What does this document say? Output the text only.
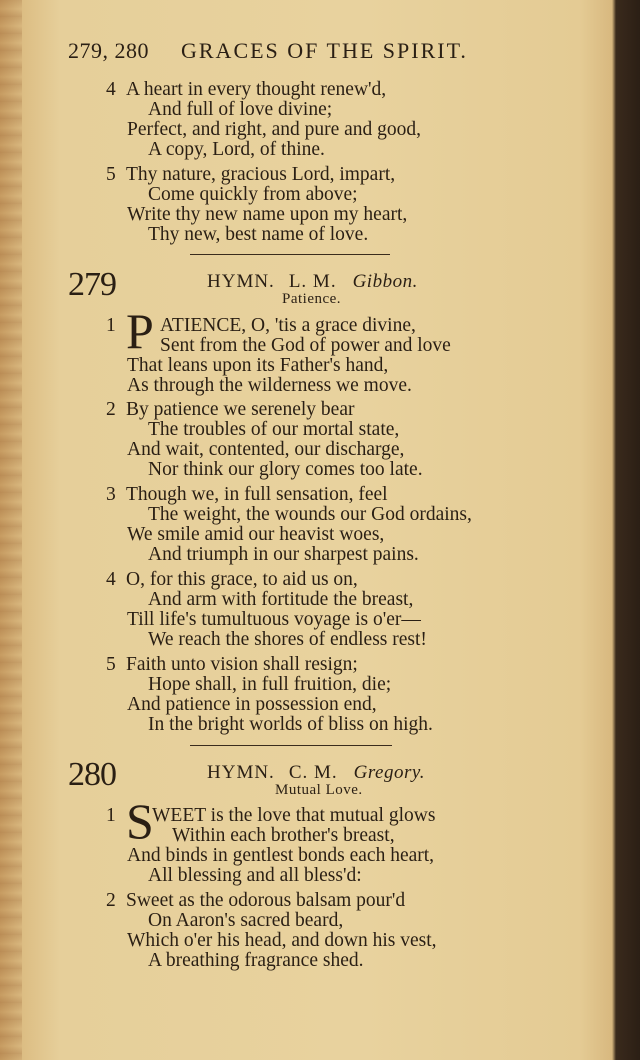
279, 280 GRACES OF THE SPIRIT.
4 A heart in every thought renew'd,
And full of love divine;
Perfect, and right, and pure and good,
A copy, Lord, of thine.
5 Thy nature, gracious Lord, impart,
Come quickly from above;
Write thy new name upon my heart,
Thy new, best name of love.
279	HYMN. L. M. Gibbon.
Patience.
1 P ATIENCE, O, 'tis a grace divine,
Sent from the God of power and love
That leans upon its Father's hand,
As through the wilderness we move.
2 By patience we serenely bear
The troubles of our mortal state,
And wait, contented, our discharge,
Nor think our glory comes too late.
3 Though we, in full sensation, feel
The weight, the wounds our God ordains,
We smile amid our heavist woes,
And triumph in our sharpest pains.
4 O, for this grace, to aid us on,
And arm with fortitude the breast,
Till life's tumultuous voyage is o'er—
We reach the shores of endless rest!
5 Faith unto vision shall resign;
Hope shall, in full fruition, die;
And patience in possession end,
In the bright worlds of bliss on high.
280	HYMN. C. M. Gregory.
Mutual Love.
1 S
WEET is the love that mutual glows
Within each brother's breast,
And binds in gentlest bonds each heart,
All blessing and all bless'd:
2 Sweet as the odorous balsam pour'd
On Aaron's sacred beard,
Which o'er his head, and down his vest,
A breathing fragrance shed.
